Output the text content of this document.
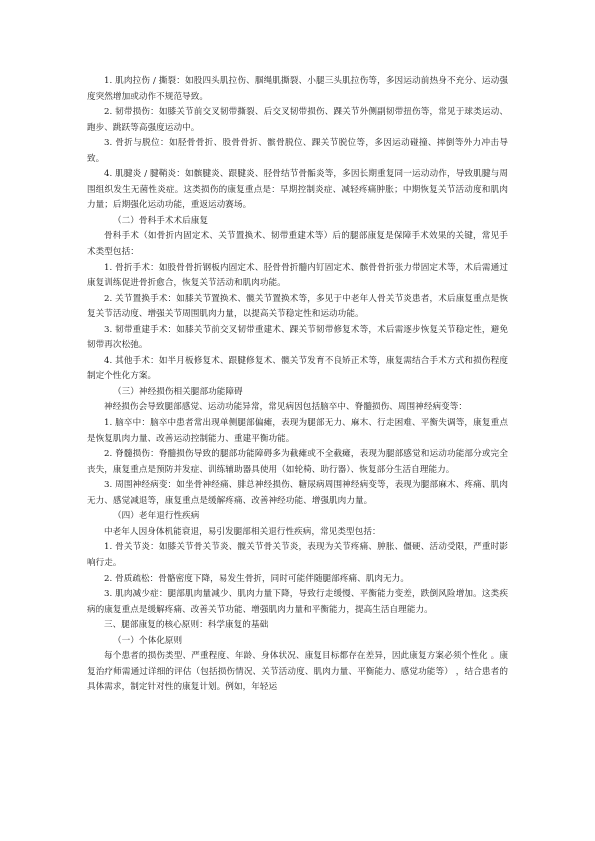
1. 肌肉拉伤 / 撕裂：如股四头肌拉伤、腘绳肌撕裂、小腿三头肌拉伤等，多因运动前热身不充分、运动强度突然增加或动作不规范导致。

2. 韧带损伤：如膝关节前交叉韧带撕裂、后交叉韧带损伤、踝关节外侧副韧带扭伤等，常见于球类运动、跑步、跳跃等高强度运动中。

3. 骨折与脱位：如胫骨骨折、股骨骨折、髌骨脱位、踝关节脱位等，多因运动碰撞、摔倒等外力冲击导致。

4. 肌腱炎 / 腱鞘炎：如髌腱炎、跟腱炎、胫骨结节骨骺炎等，多因长期重复同一运动动作，导致肌腱与周围组织发生无菌性炎症。这类损伤的康复重点是：早期控制炎症、减轻疼痛肿胀；中期恢复关节活动度和肌肉力量；后期强化运动功能，重返运动赛场。

（二）骨科手术术后康复

骨科手术（如骨折内固定术、关节置换术、韧带重建术等）后的腿部康复是保障手术效果的关键，常见手术类型包括：

1. 骨折手术：如股骨骨折钢板内固定术、胫骨骨折髓内钉固定术、髌骨骨折张力带固定术等，术后需通过康复训练促进骨折愈合，恢复关节活动和肌肉功能。

2. 关节置换手术：如膝关节置换术、髋关节置换术等，多见于中老年人骨关节炎患者，术后康复重点是恢复关节活动度、增强关节周围肌肉力量，以提高关节稳定性和运动功能。

3. 韧带重建手术：如膝关节前交叉韧带重建术、踝关节韧带修复术等，术后需逐步恢复关节稳定性，避免韧带再次松弛。

4. 其他手术：如半月板修复术、跟腱修复术、髋关节发育不良矫正术等，康复需结合手术方式和损伤程度制定个性化方案。

（三）神经损伤相关腿部功能障碍

神经损伤会导致腿部感觉、运动功能异常，常见病因包括脑卒中、脊髓损伤、周围神经病变等：

1. 脑卒中：脑卒中患者常出现单侧腿部偏瘫，表现为腿部无力、麻木、行走困难、平衡失调等，康复重点是恢复肌肉力量、改善运动控制能力、重建平衡功能。

2. 脊髓损伤：脊髓损伤导致的腿部功能障碍多为截瘫或不全截瘫，表现为腿部感觉和运动功能部分或完全丧失，康复重点是预防并发症、训练辅助器具使用（如轮椅、助行器）、恢复部分生活自理能力。

3. 周围神经病变：如坐骨神经痛、腓总神经损伤、糖尿病周围神经病变等，表现为腿部麻木、疼痛、肌肉无力、感觉减退等，康复重点是缓解疼痛、改善神经功能、增强肌肉力量。

（四）老年退行性疾病

中老年人因身体机能衰退，易引发腿部相关退行性疾病，常见类型包括：

1. 骨关节炎：如膝关节骨关节炎、髋关节骨关节炎，表现为关节疼痛、肿胀、僵硬、活动受限，严重时影响行走。

2. 骨质疏松：骨骼密度下降，易发生骨折，同时可能伴随腿部疼痛、肌肉无力。

3. 肌肉减少症：腿部肌肉量减少、肌肉力量下降，导致行走缓慢、平衡能力变差，跌倒风险增加。这类疾病的康复重点是缓解疼痛、改善关节功能、增强肌肉力量和平衡能力，提高生活自理能力。

三、腿部康复的核心原则：科学康复的基础

（一）个体化原则

每个患者的损伤类型、严重程度、年龄、身体状况、康复目标都存在差异，因此康复方案必须个性化 。康复治疗师需通过详细的评估（包括损伤情况、关节活动度、肌肉力量、平衡能力、感觉功能等） ，结合患者的具体需求，制定针对性的康复计划。例如，年轻运
